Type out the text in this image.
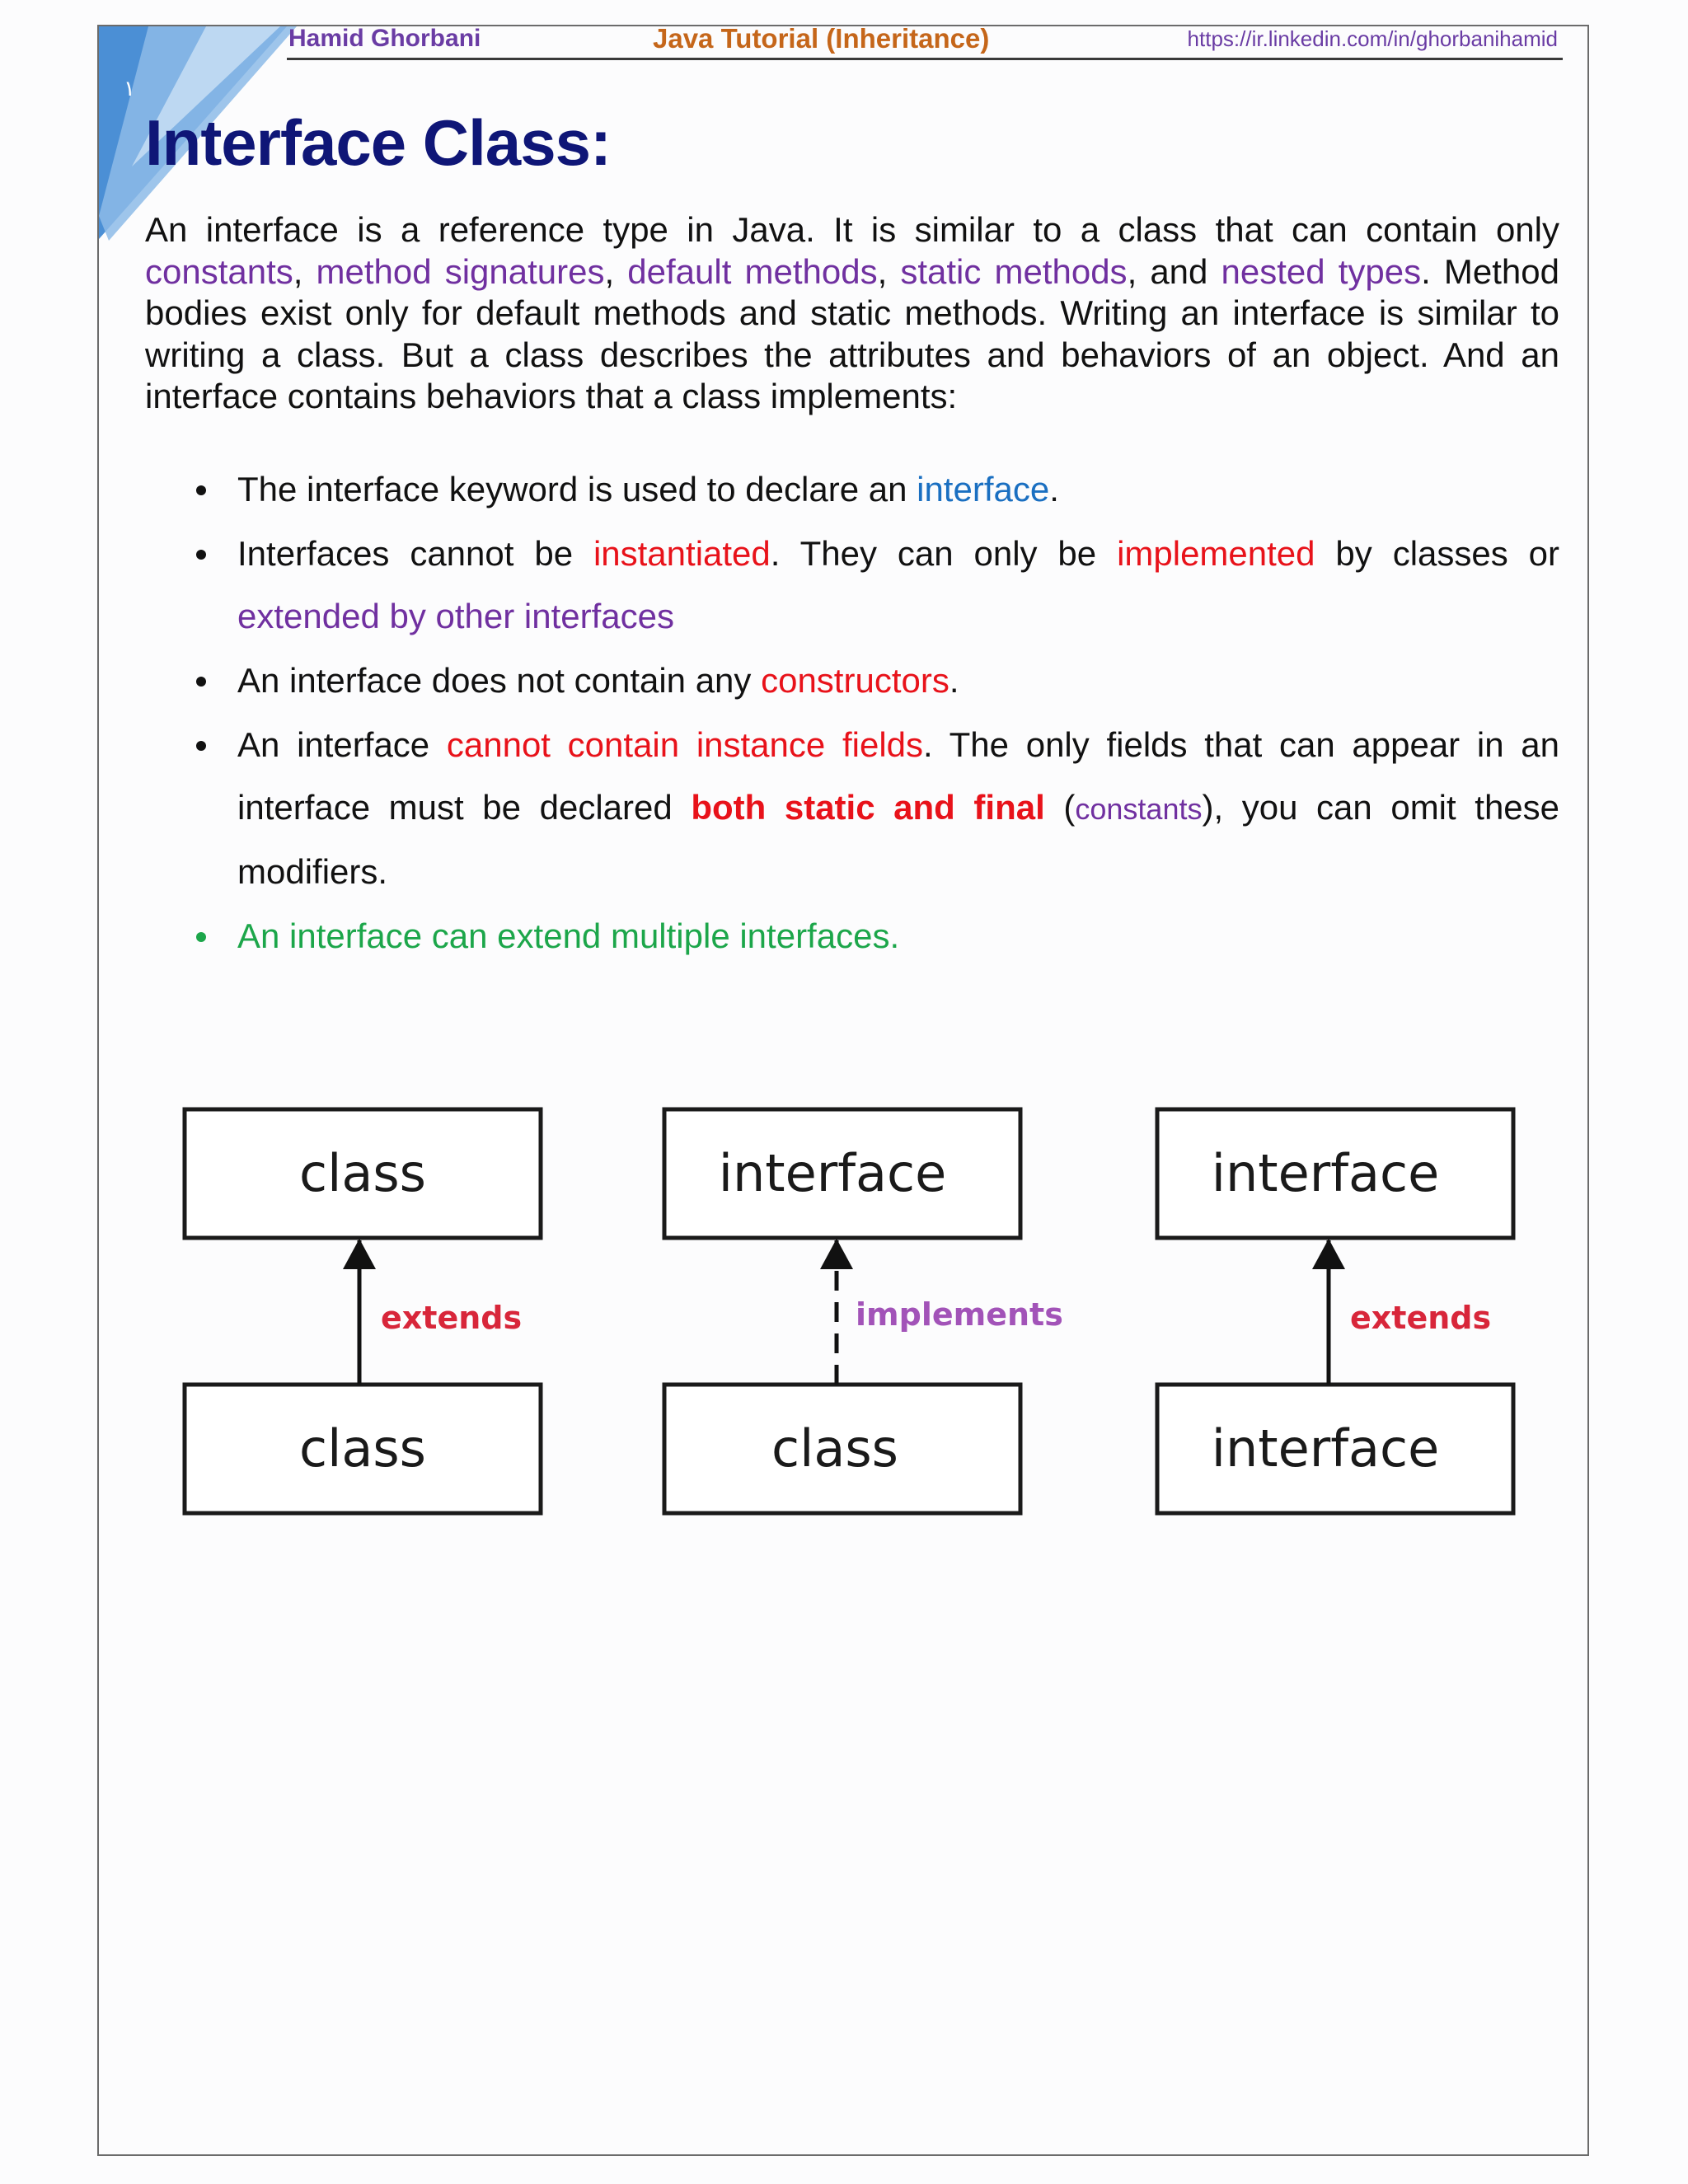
١
Hamid Ghorbani	Java Tutorial (Inheritance)	https://ir.linkedin.com/in/ghorbanihamid
Interface Class:

An interface is a reference type in Java. It is similar to a class that can contain only constants, method signatures, default methods, static methods, and nested types. Method bodies exist only for default methods and static methods. Writing an interface is similar to writing a class. But a class describes the attributes and behaviors of an object. And an interface contains behaviors that a class implements:

The interface keyword is used to declare an interface.
Interfaces cannot be instantiated. They can only be implemented by classes or extended by other interfaces
An interface does not contain any constructors.
An interface cannot contain instance fields. The only fields that can appear in an interface must be declared both static and final (constants), you can omit these modifiers.
An interface can extend multiple interfaces.
class
class
extends
interface
class
implements
interface
interface
extends
